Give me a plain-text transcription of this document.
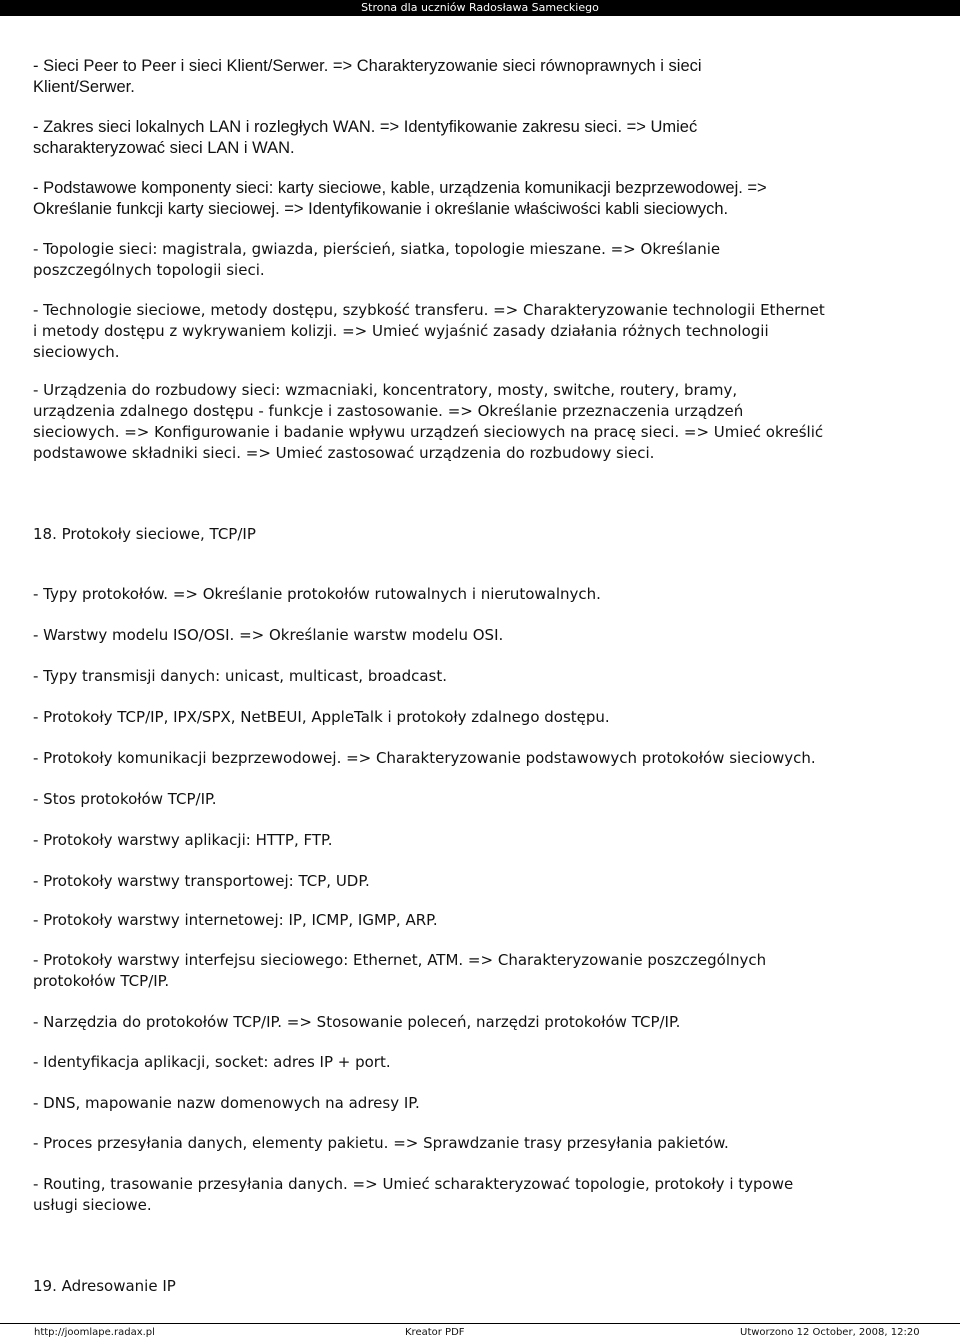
Strona dla uczniów Radosława Sameckiego
- Sieci Peer to Peer i sieci Klient/Serwer. => Charakteryzowanie sieci równoprawnych i sieci
Klient/Serwer.
- Zakres sieci lokalnych LAN i rozległych WAN. => Identyfikowanie zakresu sieci. => Umieć
scharakteryzować sieci LAN i WAN.
- Podstawowe komponenty sieci: karty sieciowe, kable, urządzenia komunikacji bezprzewodowej. =>
Określanie funkcji karty sieciowej. => Identyfikowanie i określanie właściwości kabli sieciowych.
- Topologie sieci: magistrala, gwiazda, pierścień, siatka, topologie mieszane. => Określanie
poszczególnych topologii sieci.
- Technologie sieciowe, metody dostępu, szybkość transferu. => Charakteryzowanie technologii Ethernet
i metody dostępu z wykrywaniem kolizji. => Umieć wyjaśnić zasady działania różnych technologii
sieciowych.
- Urządzenia do rozbudowy sieci: wzmacniaki, koncentratory, mosty, switche, routery, bramy,
urządzenia zdalnego dostępu - funkcje i zastosowanie. => Określanie przeznaczenia urządzeń
sieciowych. => Konfigurowanie i badanie wpływu urządzeń sieciowych na pracę sieci. => Umieć określić
podstawowe składniki sieci. => Umieć zastosować urządzenia do rozbudowy sieci.
18. Protokoły sieciowe, TCP/IP
- Typy protokołów. => Określanie protokołów rutowalnych i nierutowalnych.
- Warstwy modelu ISO/OSI. => Określanie warstw modelu OSI.
- Typy transmisji danych: unicast, multicast, broadcast.
- Protokoły TCP/IP, IPX/SPX, NetBEUI, AppleTalk i protokoły zdalnego dostępu.
- Protokoły komunikacji bezprzewodowej. => Charakteryzowanie podstawowych protokołów sieciowych.
- Stos protokołów TCP/IP.
- Protokoły warstwy aplikacji: HTTP, FTP.
- Protokoły warstwy transportowej: TCP, UDP.
- Protokoły warstwy internetowej: IP, ICMP, IGMP, ARP.
- Protokoły warstwy interfejsu sieciowego: Ethernet, ATM. => Charakteryzowanie poszczególnych
protokołów TCP/IP.
- Narzędzia do protokołów TCP/IP. => Stosowanie poleceń, narzędzi protokołów TCP/IP.
- Identyfikacja aplikacji, socket: adres IP + port.
- DNS, mapowanie nazw domenowych na adresy IP.
- Proces przesyłania danych, elementy pakietu. => Sprawdzanie trasy przesyłania pakietów.
- Routing, trasowanie przesyłania danych. => Umieć scharakteryzować topologie, protokoły i typowe
usługi sieciowe.
19. Adresowanie IP
http://joomlape.radax.pl	Kreator PDF	Utworzono 12 October, 2008, 12:20
